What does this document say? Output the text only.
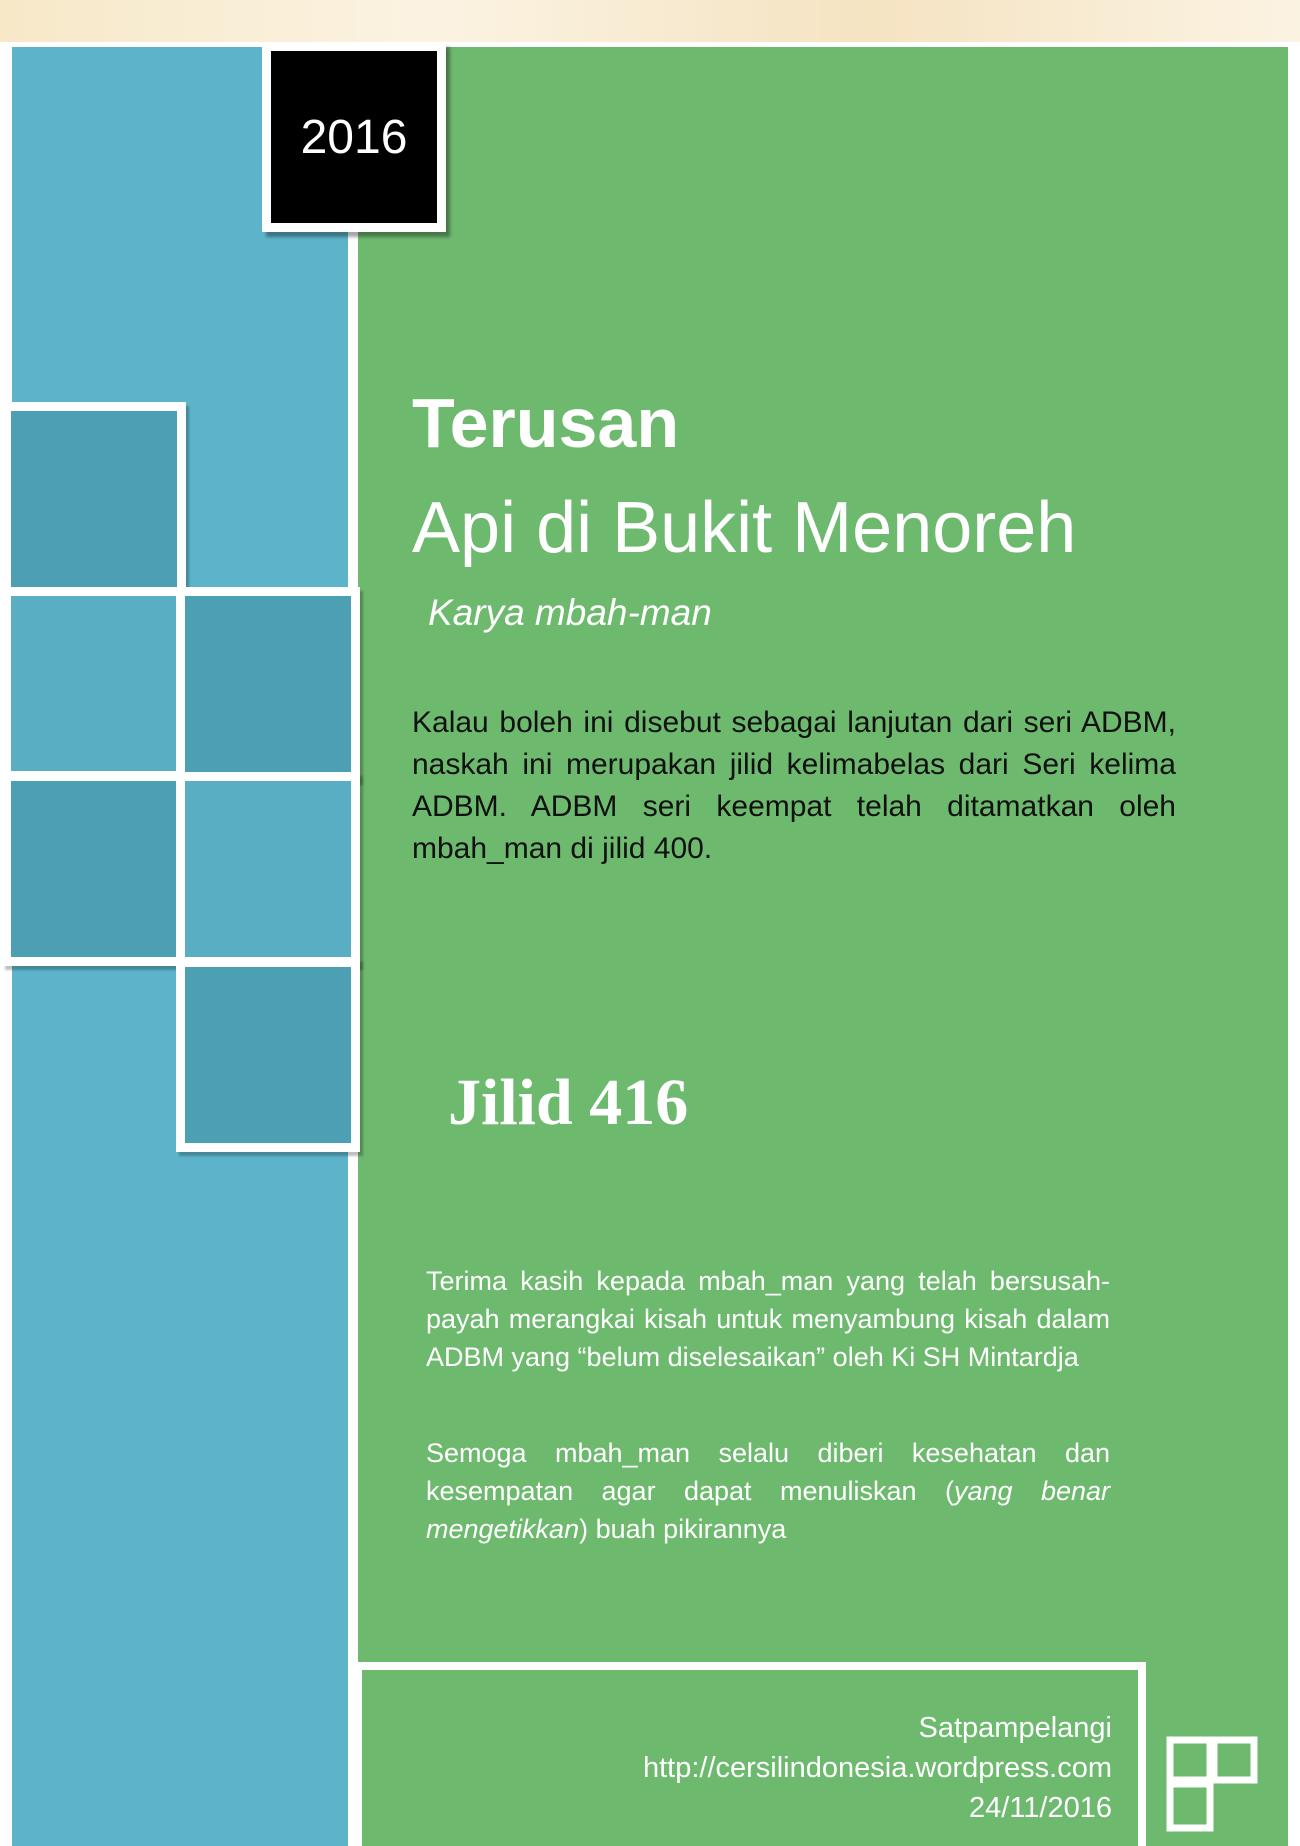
2016
Terusan
Api di Bukit Menoreh
Karya mbah-man
Kalau boleh ini disebut sebagai lanjutan dari seri ADBM, naskah ini merupakan jilid kelimabelas dari Seri kelima ADBM. ADBM seri keempat telah ditamatkan oleh mbah_man di jilid 400.
Jilid 416
Terima kasih kepada mbah_man yang telah bersusah-payah merangkai kisah untuk menyambung kisah dalam ADBM yang “belum diselesaikan” oleh Ki SH Mintardja
Semoga mbah_man selalu diberi kesehatan dan kesempatan agar dapat menuliskan (yang benar mengetikkan) buah pikirannya
Satpampelangi
http://cersilindonesia.wordpress.com
24/11/2016
